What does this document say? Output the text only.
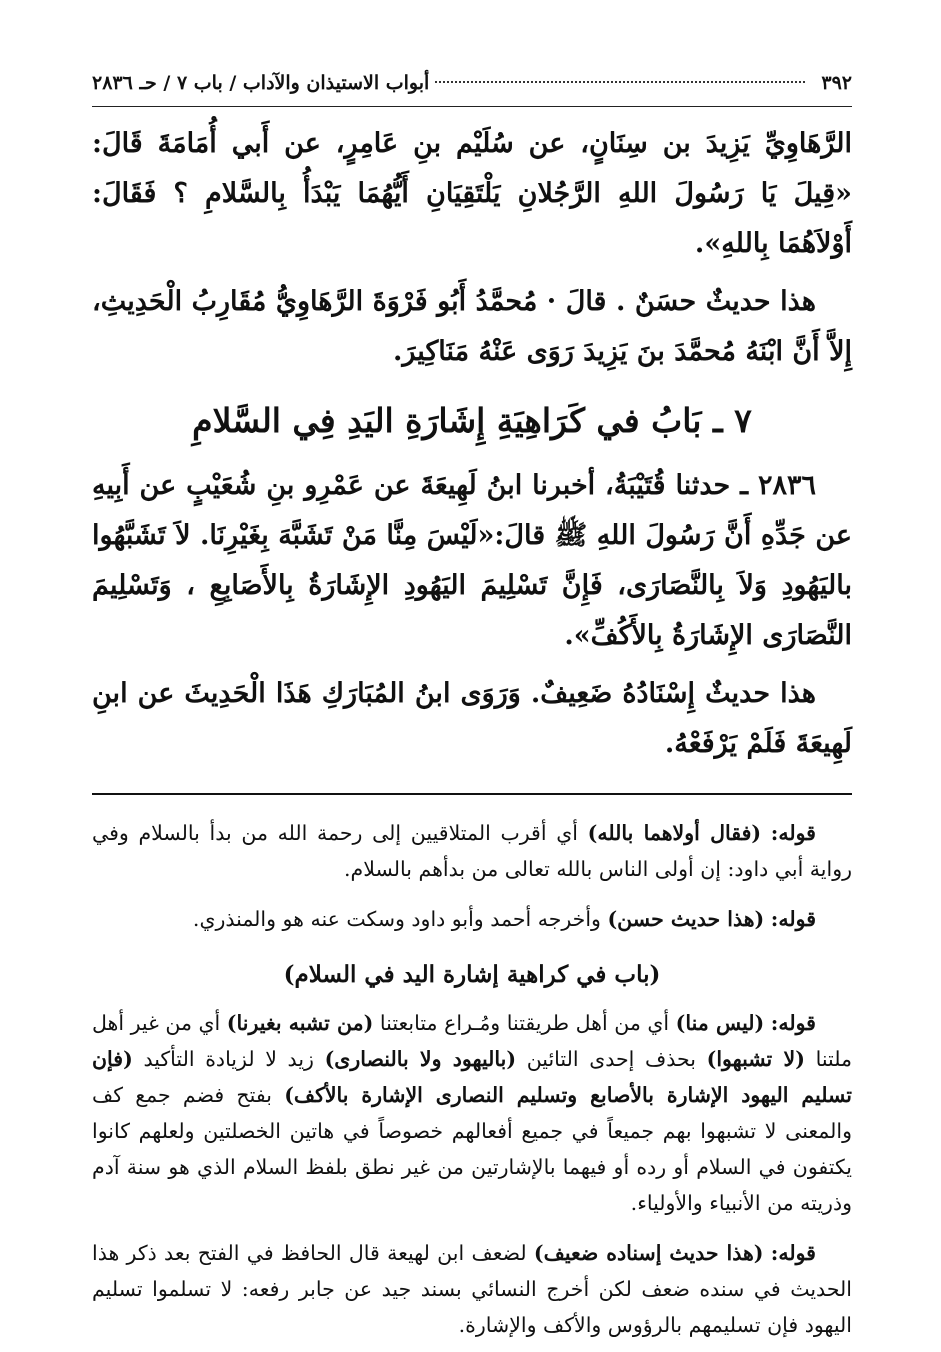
٣٩٢
أبواب الاستيذان والآداب / باب ٧ / حـ ٢٨٣٦

الرَّهَاوِيِّ يَزِيدَ بن سِنَانٍ، عن سُلَيْم بنِ عَامِرٍ، عن أَبي أُمَامَةَ قَالَ: «قِيلَ يَا رَسُولَ اللهِ الرَّجُلانِ يَلْتَقِيَانِ أَيُّهُمَا يَبْدَأُ بِالسَّلامِ ؟ فَقَالَ: أَوْلاَهُمَا بِاللهِ».

هذا حديثٌ حسَنٌ . قالَ · مُحمَّدُ أَبُو فَرْوَةَ الرَّهَاوِيُّ مُقَارِبُ الْحَدِيثِ، إِلاَّ أَنَّ ابْنَهُ مُحمَّدَ بنَ يَزِيدَ رَوَى عَنْهُ مَنَاكِيرَ.

٧ ـ بَابُ في كَرَاهِيَةِ إِشَارَةِ اليَدِ فِي السَّلامِ

٢٨٣٦ ـ حدثنا قُتَيْبَةُ، أخبرنا ابنُ لَهِيعَةَ عن عَمْرِو بنِ شُعَيْبٍ عن أَبِيهِ عن جَدِّهِ أَنَّ رَسُولَ اللهِ ﷺ قالَ:«لَيْسَ مِنَّا مَنْ تَشَبَّهَ بِغَيْرِنَا. لاَ تَشَبَّهُوا باليَهُودِ وَلاَ بِالنَّصَارَى، فَإِنَّ تَسْلِيمَ اليَهُودِ الإِشَارَةُ بِالأَصَابِعِ ، وَتَسْلِيمَ النَّصَارَى الإِشَارَةُ بِالأَكُفِّ».

هذا حديثٌ إِسْنَادُهُ ضَعِيفٌ. وَرَوَى ابنُ المُبَارَكِ هَذَا الْحَدِيثَ عن ابنِ لَهِيعَةَ فَلَمْ يَرْفَعْهُ.

قوله: (فقال أولاهما بالله) أي أقرب المتلاقيين إلى رحمة الله من بدأ بالسلام وفي رواية أبي داود: إن أولى الناس بالله تعالى من بدأهم بالسلام.

قوله: (هذا حديث حسن) وأخرجه أحمد وأبو داود وسكت عنه هو والمنذري.

(باب في كراهية إشارة اليد في السلام)

قوله: (ليس منا) أي من أهل طريقتنا ومُـراع متابعتنا (من تشبه بغيرنا) أي من غير أهل ملتنا (لا تشبهوا) بحذف إحدى التائين (باليهود ولا بالنصارى) زيد لا لزيادة التأكيد (فإن تسليم اليهود الإشارة بالأصابع وتسليم النصارى الإشارة بالأكف) بفتح فضم جمع كف والمعنى لا تشبهوا بهم جميعاً في جميع أفعالهم خصوصاً في هاتين الخصلتين ولعلهم كانوا يكتفون في السلام أو رده أو فيهما بالإشارتين من غير نطق بلفظ السلام الذي هو سنة آدم وذريته من الأنبياء والأولياء.

قوله: (هذا حديث إسناده ضعيف) لضعف ابن لهيعة قال الحافظ في الفتح بعد ذكر هذا الحديث في سنده ضعف لكن أخرج النسائي بسند جيد عن جابر رفعه: لا تسلموا تسليم اليهود فإن تسليمهم بالرؤوس والأكف والإشارة.
